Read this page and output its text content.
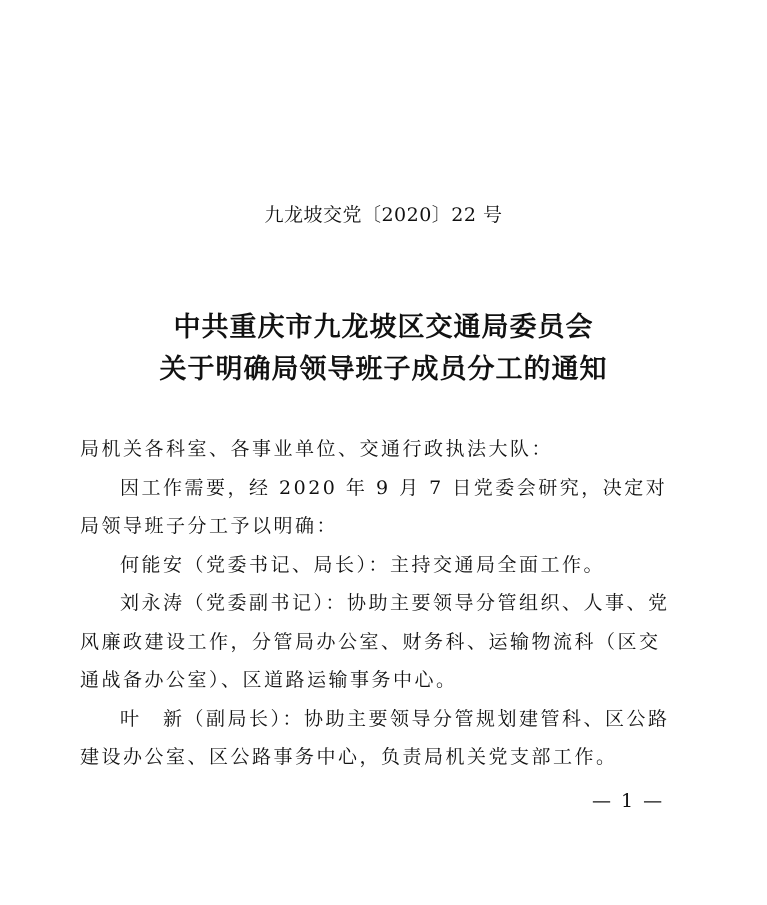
九龙坡交党〔2020〕22 号
中共重庆市九龙坡区交通局委员会
关于明确局领导班子成员分工的通知

局机关各科室、各事业单位、交通行政执法大队：

因工作需要，经 2020 年 9 月 7 日党委会研究，决定对局领导班子分工予以明确：

何能安（党委书记、局长）：主持交通局全面工作。

刘永涛（党委副书记）：协助主要领导分管组织、人事、党风廉政建设工作，分管局办公室、财务科、运输物流科（区交通战备办公室）、区道路运输事务中心。

叶　新（副局长）：协助主要领导分管规划建管科、区公路建设办公室、区公路事务中心，负责局机关党支部工作。

— 1 —
